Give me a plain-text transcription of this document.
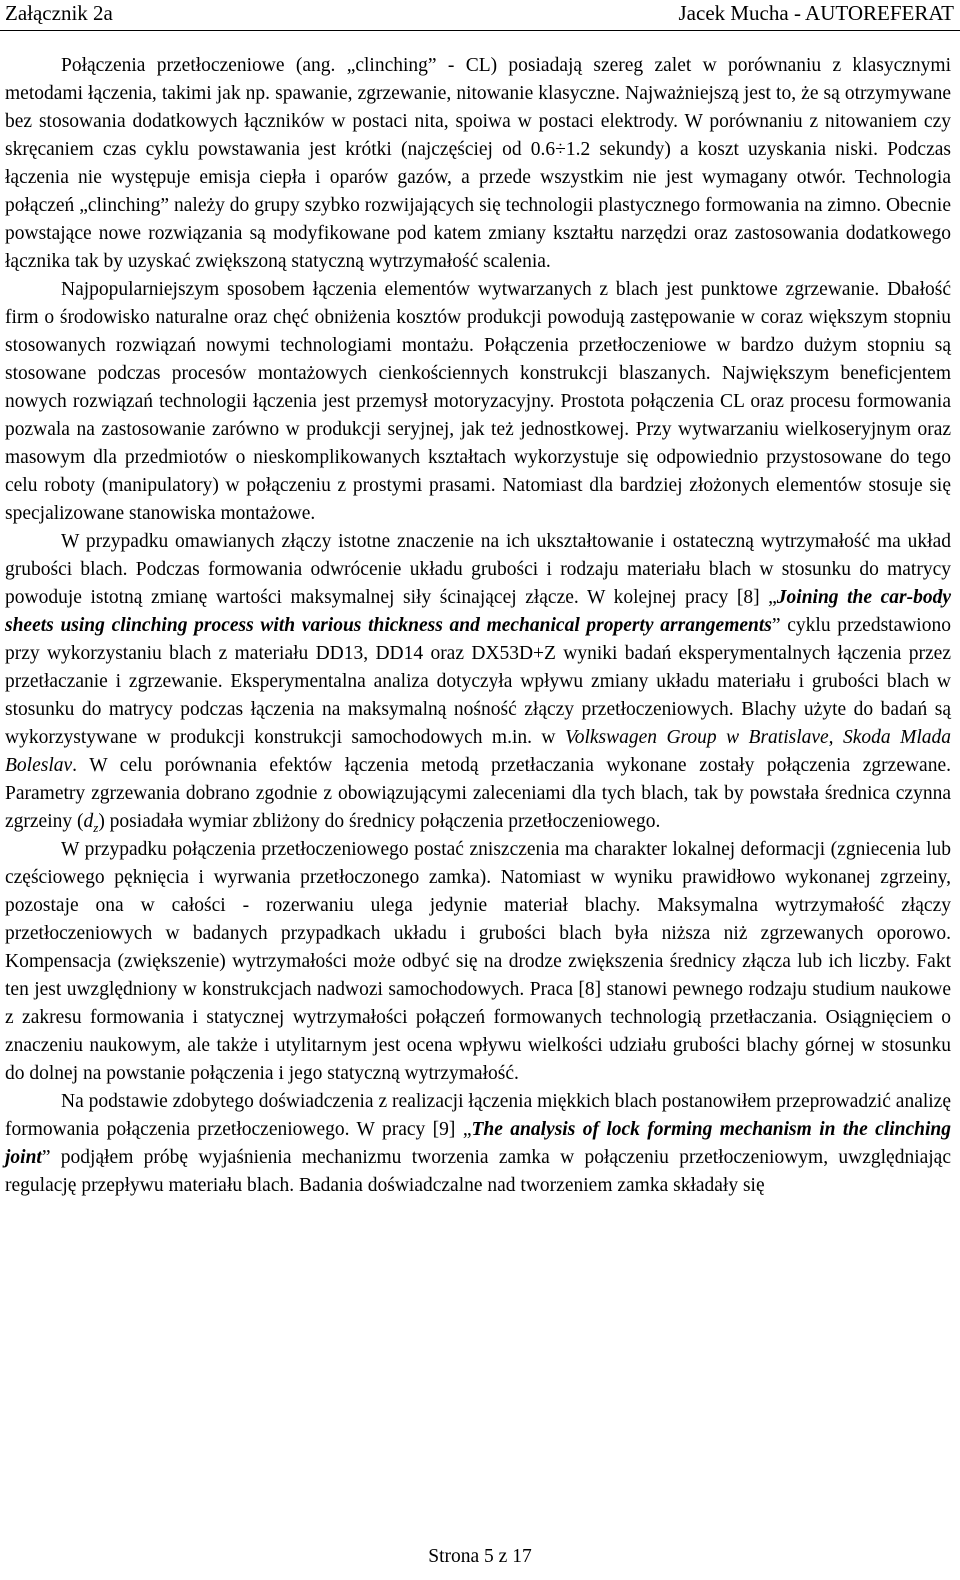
Załącznik 2a	Jacek Mucha - AUTOREFERAT

Połączenia przetłoczeniowe (ang. „clinching” - CL) posiadają szereg zalet w porównaniu z klasycznymi metodami łączenia, takimi jak np. spawanie, zgrzewanie, nitowanie klasyczne. Najważniejszą jest to, że są otrzymywane bez stosowania dodatkowych łączników w postaci nita, spoiwa w postaci elektrody. W porównaniu z nitowaniem czy skręcaniem czas cyklu powstawania jest krótki (najczęściej od 0.6÷1.2 sekundy) a koszt uzyskania niski. Podczas łączenia nie występuje emisja ciepła i oparów gazów, a przede wszystkim nie jest wymagany otwór. Technologia połączeń „clinching” należy do grupy szybko rozwijających się technologii plastycznego formowania na zimno. Obecnie powstające nowe rozwiązania są modyfikowane pod katem zmiany kształtu narzędzi oraz zastosowania dodatkowego łącznika tak by uzyskać zwiększoną statyczną wytrzymałość scalenia.

Najpopularniejszym sposobem łączenia elementów wytwarzanych z blach jest punktowe zgrzewanie. Dbałość firm o środowisko naturalne oraz chęć obniżenia kosztów produkcji powodują zastępowanie w coraz większym stopniu stosowanych rozwiązań nowymi technologiami montażu. Połączenia przetłoczeniowe w bardzo dużym stopniu są stosowane podczas procesów montażowych cienkościennych konstrukcji blaszanych. Największym beneficjentem nowych rozwiązań technologii łączenia jest przemysł motoryzacyjny. Prostota połączenia CL oraz procesu formowania pozwala na zastosowanie zarówno w produkcji seryjnej, jak też jednostkowej. Przy wytwarzaniu wielkoseryjnym oraz masowym dla przedmiotów o nieskomplikowanych kształtach wykorzystuje się odpowiednio przystosowane do tego celu roboty (manipulatory) w połączeniu z prostymi prasami. Natomiast dla bardziej złożonych elementów stosuje się specjalizowane stanowiska montażowe.

W przypadku omawianych złączy istotne znaczenie na ich ukształtowanie i ostateczną wytrzymałość ma układ grubości blach. Podczas formowania odwrócenie układu grubości i rodzaju materiału blach w stosunku do matrycy powoduje istotną zmianę wartości maksymalnej siły ścinającej złącze. W kolejnej pracy [8] „Joining the car-body sheets using clinching process with various thickness and mechanical property arrangements” cyklu przedstawiono przy wykorzystaniu blach z materiału DD13, DD14 oraz DX53D+Z wyniki badań eksperymentalnych łączenia przez przetłaczanie i zgrzewanie. Eksperymentalna analiza dotyczyła wpływu zmiany układu materiału i grubości blach w stosunku do matrycy podczas łączenia na maksymalną nośność złączy przetłoczeniowych. Blachy użyte do badań są wykorzystywane w produkcji konstrukcji samochodowych m.in. w Volkswagen Group w Bratislave, Skoda Mlada Boleslav. W celu porównania efektów łączenia metodą przetłaczania wykonane zostały połączenia zgrzewane. Parametry zgrzewania dobrano zgodnie z obowiązującymi zaleceniami dla tych blach, tak by powstała średnica czynna zgrzeiny $(d_z)$ posiadała wymiar zbliżony do średnicy połączenia przetłoczeniowego.

W przypadku połączenia przetłoczeniowego postać zniszczenia ma charakter lokalnej deformacji (zgniecenia lub częściowego pęknięcia i wyrwania przetłoczonego zamka). Natomiast w wyniku prawidłowo wykonanej zgrzeiny, pozostaje ona w całości - rozerwaniu ulega jedynie materiał blachy. Maksymalna wytrzymałość złączy przetłoczeniowych w badanych przypadkach układu i grubości blach była niższa niż zgrzewanych oporowo. Kompensacja (zwiększenie) wytrzymałości może odbyć się na drodze zwiększenia średnicy złącza lub ich liczby. Fakt ten jest uwzględniony w konstrukcjach nadwozi samochodowych. Praca [8] stanowi pewnego rodzaju studium naukowe z zakresu formowania i statycznej wytrzymałości połączeń formowanych technologią przetłaczania. Osiągnięciem o znaczeniu naukowym, ale także i utylitarnym jest ocena wpływu wielkości udziału grubości blachy górnej w stosunku do dolnej na powstanie połączenia i jego statyczną wytrzymałość.

Na podstawie zdobytego doświadczenia z realizacji łączenia miękkich blach postanowiłem przeprowadzić analizę formowania połączenia przetłoczeniowego. W pracy [9] „The analysis of lock forming mechanism in the clinching joint” podjąłem próbę wyjaśnienia mechanizmu tworzenia zamka w połączeniu przetłoczeniowym, uwzględniając regulację przepływu materiału blach. Badania doświadczalne nad tworzeniem zamka składały się

Strona 5 z 17
